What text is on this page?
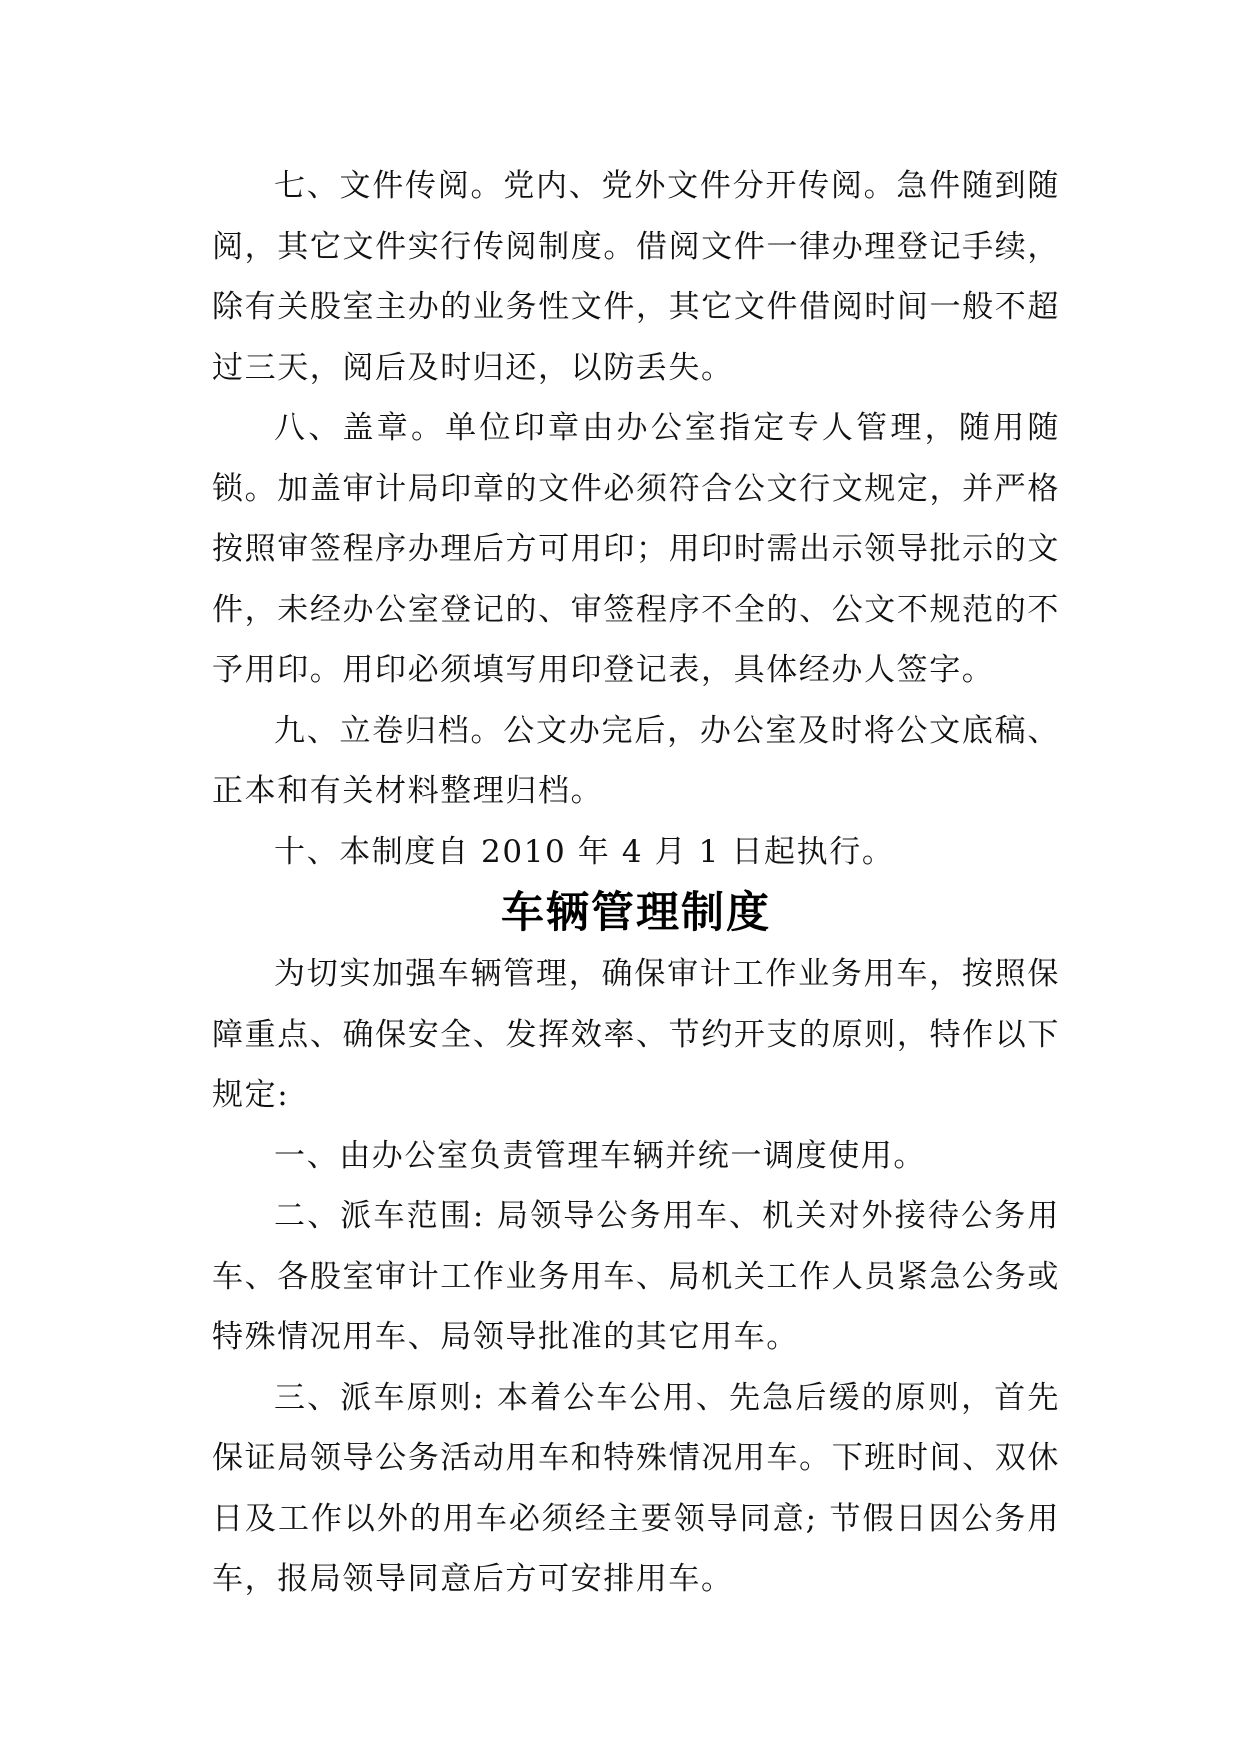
七、文件传阅。党内、党外文件分开传阅。急件随到随阅，其它文件实行传阅制度。借阅文件一律办理登记手续，除有关股室主办的业务性文件，其它文件借阅时间一般不超过三天，阅后及时归还，以防丢失。

八、盖章。单位印章由办公室指定专人管理，随用随锁。加盖审计局印章的文件必须符合公文行文规定，并严格按照审签程序办理后方可用印；用印时需出示领导批示的文件，未经办公室登记的、审签程序不全的、公文不规范的不予用印。用印必须填写用印登记表，具体经办人签字。

九、立卷归档。公文办完后，办公室及时将公文底稿、正本和有关材料整理归档。

十、本制度自 2010 年 4 月 1 日起执行。

车辆管理制度

为切实加强车辆管理，确保审计工作业务用车，按照保障重点、确保安全、发挥效率、节约开支的原则，特作以下规定:

一、由办公室负责管理车辆并统一调度使用。

二、派车范围: 局领导公务用车、机关对外接待公务用车、各股室审计工作业务用车、局机关工作人员紧急公务或特殊情况用车、局领导批准的其它用车。

三、派车原则: 本着公车公用、先急后缓的原则，首先保证局领导公务活动用车和特殊情况用车。下班时间、双休日及工作以外的用车必须经主要领导同意; 节假日因公务用车，报局领导同意后方可安排用车。
